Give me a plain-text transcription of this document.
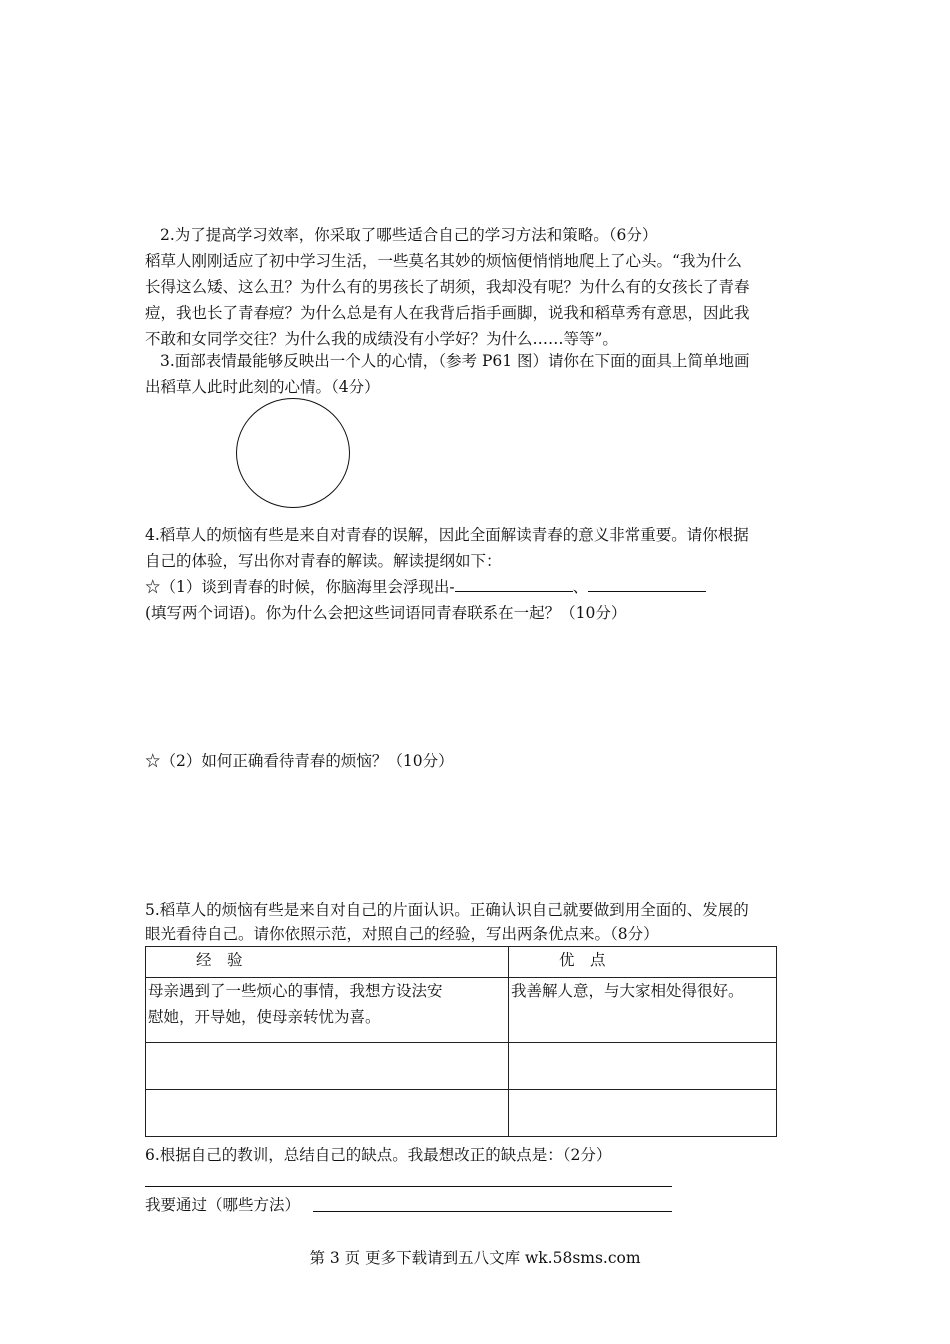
2.为了提高学习效率，你采取了哪些适合自己的学习方法和策略。（6分）
稻草人刚刚适应了初中学习生活，一些莫名其妙的烦恼便悄悄地爬上了心头。“我为什么
长得这么矮、这么丑？为什么有的男孩长了胡须，我却没有呢？为什么有的女孩长了青春
痘，我也长了青春痘？为什么总是有人在我背后指手画脚，说我和稻草秀有意思，因此我
不敢和女同学交往？为什么我的成绩没有小学好？为什么……等等”。
3.面部表情最能够反映出一个人的心情，（参考 P61 图）请你在下面的面具上简单地画
出稻草人此时此刻的心情。（4分）
4.稻草人的烦恼有些是来自对青春的误解，因此全面解读青春的意义非常重要。请你根据
自己的体验，写出你对青春的解读。解读提纲如下：
☆（1）谈到青春的时候，你脑海里会浮现出-	、
(填写两个词语)。你为什么会把这些词语同青春联系在一起？（10分）
☆（2）如何正确看待青春的烦恼？（10分）
5.稻草人的烦恼有些是来自对自己的片面认识。正确认识自己就要做到用全面的、发展的
眼光看待自己。请你依照示范，对照自己的经验，写出两条优点来。（8分）
经　验	优　点

母亲遇到了一些烦心的事情，我想方设法安
慰她，开导她，使母亲转忧为喜。	我善解人意，与大家相处得很好。

6.根据自己的教训，总结自己的缺点。我最想改正的缺点是：（2分）
我要通过（哪些方法）
第 3 页 更多下载请到五八文库 wk.58sms.com
